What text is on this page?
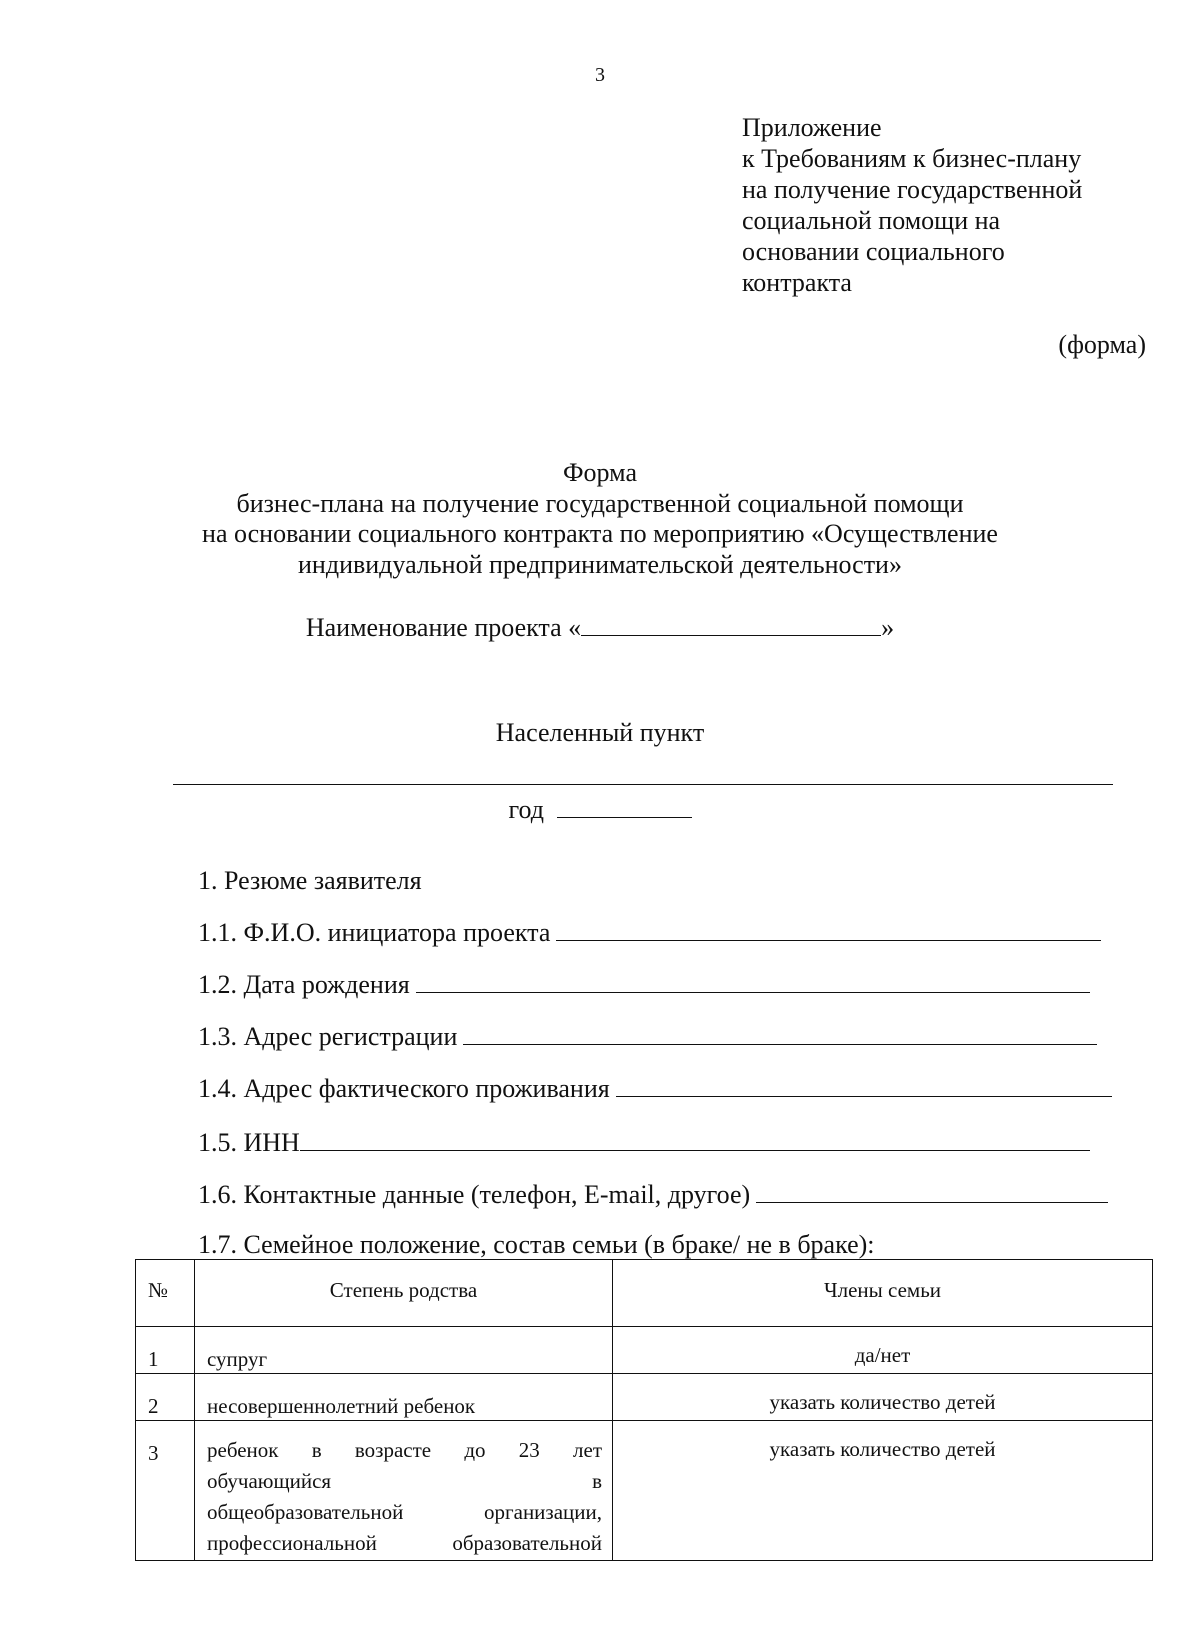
3
Приложение
к Требованиям к бизнес-плану
на получение государственной
социальной помощи на
основании социального
контракта
(форма)
Форма
бизнес-плана на получение государственной социальной помощи
на основании социального контракта по мероприятию «Осуществление
индивидуальной предпринимательской деятельности»
Наименование проекта «	»
Населенный пункт
год
1. Резюме заявителя
1.1. Ф.И.О. инициатора проекта
1.2. Дата рождения
1.3. Адрес регистрации
1.4. Адрес фактического проживания
1.5. ИНН
1.6. Контактные данные (телефон, E-mail, другое)
1.7. Семейное положение, состав семьи (в браке/ не в браке):
№	Степень родства	Члены семьи
1	супруг	да/нет
2	несовершеннолетний ребенок	указать количество детей
3	ребенок в возрасте до 23 лет
обучающийся в
общеобразовательной организации,
профессиональной образовательной	указать количество детей
